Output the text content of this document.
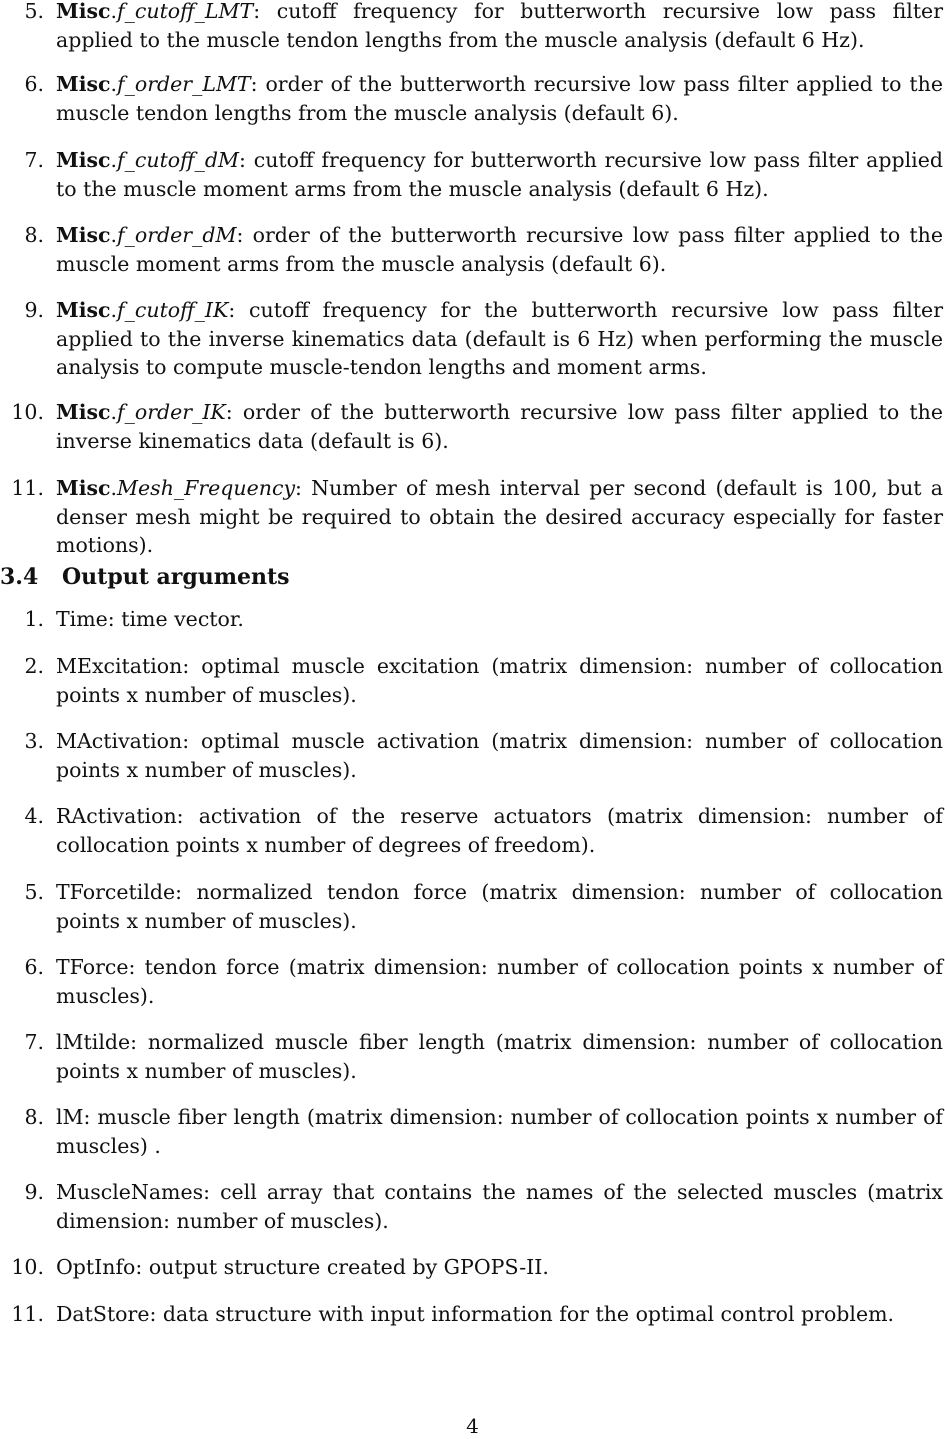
5. Misc.f_cutoff_LMT: cutoff frequency for butterworth recursive low pass filter applied to the muscle tendon lengths from the muscle analysis (default 6 Hz).
6. Misc.f_order_LMT: order of the butterworth recursive low pass filter applied to the muscle tendon lengths from the muscle analysis (default 6).
7. Misc.f_cutoff_dM: cutoff frequency for butterworth recursive low pass filter applied to the muscle moment arms from the muscle analysis (default 6 Hz).
8. Misc.f_order_dM: order of the butterworth recursive low pass filter applied to the muscle moment arms from the muscle analysis (default 6).
9. Misc.f_cutoff_IK: cutoff frequency for the butterworth recursive low pass filter applied to the inverse kinematics data (default is 6 Hz) when performing the muscle analysis to compute muscle-tendon lengths and moment arms.
10. Misc.f_order_IK: order of the butterworth recursive low pass filter applied to the inverse kinematics data (default is 6).
11. Misc.Mesh_Frequency: Number of mesh interval per second (default is 100, but a denser mesh might be required to obtain the desired accuracy especially for faster motions).
3.4 Output arguments
1. Time: time vector.
2. MExcitation: optimal muscle excitation (matrix dimension: number of collocation points x number of muscles).
3. MActivation: optimal muscle activation (matrix dimension: number of collocation points x number of muscles).
4. RActivation: activation of the reserve actuators (matrix dimension: number of collocation points x number of degrees of freedom).
5. TForcetilde: normalized tendon force (matrix dimension: number of collocation points x number of muscles).
6. TForce: tendon force (matrix dimension: number of collocation points x number of muscles).
7. lMtilde: normalized muscle fiber length (matrix dimension: number of collocation points x number of muscles).
8. lM: muscle fiber length (matrix dimension: number of collocation points x number of muscles) .
9. MuscleNames: cell array that contains the names of the selected muscles (matrix dimension: number of muscles).
10. OptInfo: output structure created by GPOPS-II.
11. DatStore: data structure with input information for the optimal control problem.
4
